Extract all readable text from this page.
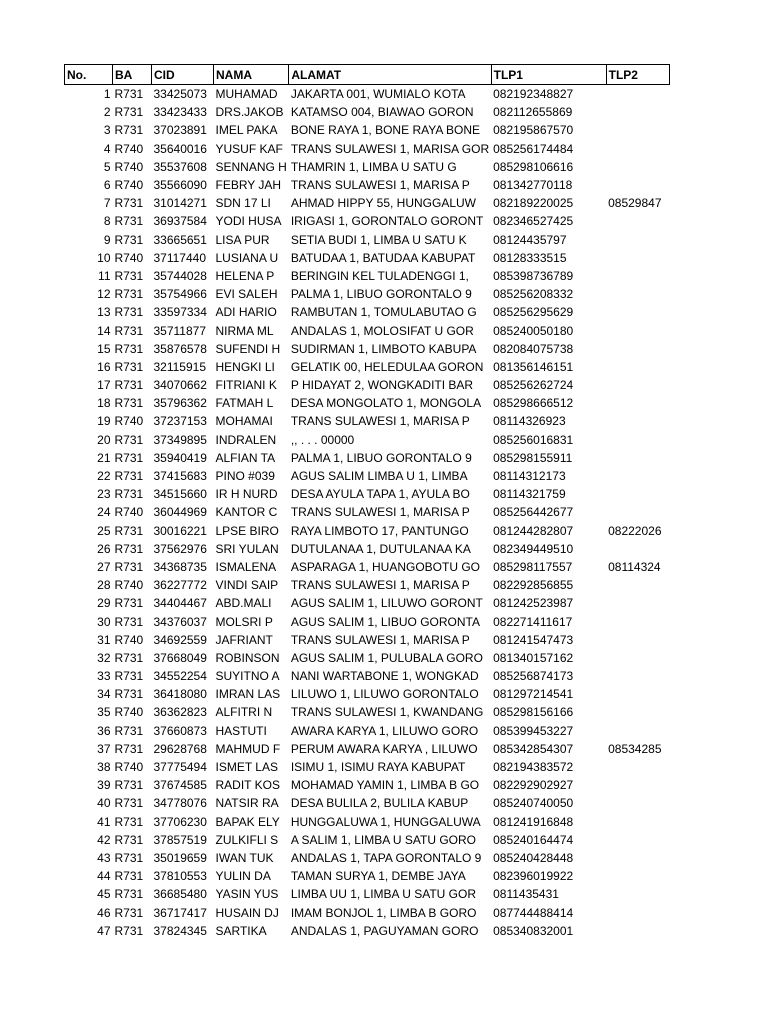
No.	BA	CID	NAMA	ALAMAT	TLP1	TLP2
1	R731	33425073	MUHAMAD	JAKARTA 001, WUMIALO KOTA	082192348827	
2	R731	33423433	DRS.JAKOB	KATAMSO 004, BIAWAO GORON	082112655869	
3	R731	37023891	IMEL PAKA	BONE RAYA 1, BONE RAYA BONE	082195867570	
4	R740	35640016	YUSUF KAF	TRANS SULAWESI 1, MARISA GOR	085256174484	
5	R740	35537608	SENNANG H	THAMRIN 1, LIMBA U SATU G	085298106616	
6	R740	35566090	FEBRY JAH	TRANS SULAWESI 1, MARISA P	081342770118	
7	R731	31014271	SDN 17 LI	AHMAD HIPPY 55, HUNGGALUW	082189220025	08529847
8	R731	36937584	YODI HUSA	IRIGASI 1, GORONTALO GORONT	082346527425	
9	R731	33665651	LISA PUR	SETIA BUDI 1, LIMBA U SATU K	08124435797	
10	R740	37117440	LUSIANA U	BATUDAA 1, BATUDAA KABUPAT	08128333515	
11	R731	35744028	HELENA P	BERINGIN KEL TULADENGGI 1,	085398736789	
12	R731	35754966	EVI SALEH	PALMA 1, LIBUO GORONTALO 9	085256208332	
13	R731	33597334	ADI HARIO	RAMBUTAN 1, TOMULABUTAO G	085256295629	
14	R731	35711877	NIRMA ML	ANDALAS 1, MOLOSIFAT U GOR	085240050180	
15	R731	35876578	SUFENDI H	SUDIRMAN 1, LIMBOTO KABUPA	082084075738	
16	R731	32115915	HENGKI LI	GELATIK 00, HELEDULAA GORON	081356146151	
17	R731	34070662	FITRIANI K	P HIDAYAT 2, WONGKADITI BAR	085256262724	
18	R731	35796362	FATMAH L	DESA MONGOLATO 1, MONGOLA	085298666512	
19	R740	37237153	MOHAMAI	TRANS SULAWESI 1, MARISA P	08114326923	
20	R731	37349895	INDRALEN	,, . . . 00000	085256016831	
21	R731	35940419	ALFIAN TA	PALMA 1, LIBUO GORONTALO 9	085298155911	
22	R731	37415683	PINO #039	AGUS SALIM LIMBA U 1, LIMBA	08114312173	
23	R731	34515660	IR H NURD	DESA AYULA TAPA 1, AYULA BO	08114321759	
24	R740	36044969	KANTOR C	TRANS SULAWESI 1, MARISA P	085256442677	
25	R731	30016221	LPSE BIRO	RAYA LIMBOTO 17, PANTUNGO	081244282807	08222026
26	R731	37562976	SRI YULAN	DUTULANAA 1, DUTULANAA KA	082349449510	
27	R731	34368735	ISMALENA	ASPARAGA 1, HUANGOBOTU GO	085298117557	08114324
28	R740	36227772	VINDI SAIP	TRANS SULAWESI 1, MARISA P	082292856855	
29	R731	34404467	ABD.MALI	AGUS SALIM 1, LILUWO GORONT	081242523987	
30	R731	34376037	MOLSRI P	AGUS SALIM 1, LIBUO GORONTA	082271411617	
31	R740	34692559	JAFRIANT	TRANS SULAWESI 1, MARISA P	081241547473	
32	R731	37668049	ROBINSON	AGUS SALIM 1, PULUBALA GORO	081340157162	
33	R731	34552254	SUYITNO A	NANI WARTABONE 1, WONGKAD	085256874173	
34	R731	36418080	IMRAN LAS	LILUWO 1, LILUWO GORONTALO	081297214541	
35	R740	36362823	ALFITRI N	TRANS SULAWESI 1, KWANDANG	085298156166	
36	R731	37660873	HASTUTI	AWARA KARYA 1, LILUWO GORO	085399453227	
37	R731	29628768	MAHMUD F	PERUM AWARA KARYA , LILUWO	085342854307	08534285
38	R740	37775494	ISMET LAS	ISIMU 1, ISIMU RAYA KABUPAT	082194383572	
39	R731	37674585	RADIT KOS	MOHAMAD YAMIN 1, LIMBA B GO	082292902927	
40	R731	34778076	NATSIR RA	DESA BULILA 2, BULILA KABUP	085240740050	
41	R731	37706230	BAPAK ELY	HUNGGALUWA 1, HUNGGALUWA	081241916848	
42	R731	37857519	ZULKIFLI S	A SALIM 1, LIMBA U SATU GORO	085240164474	
43	R731	35019659	IWAN TUK	ANDALAS 1, TAPA GORONTALO 9	085240428448	
44	R731	37810553	YULIN DA	TAMAN SURYA 1, DEMBE JAYA	082396019922	
45	R731	36685480	YASIN YUS	LIMBA UU 1, LIMBA U SATU GOR	0811435431	
46	R731	36717417	HUSAIN DJ	IMAM BONJOL 1, LIMBA B GORO	087744488414	
47	R731	37824345	SARTIKA	ANDALAS 1, PAGUYAMAN GORO	085340832001	
